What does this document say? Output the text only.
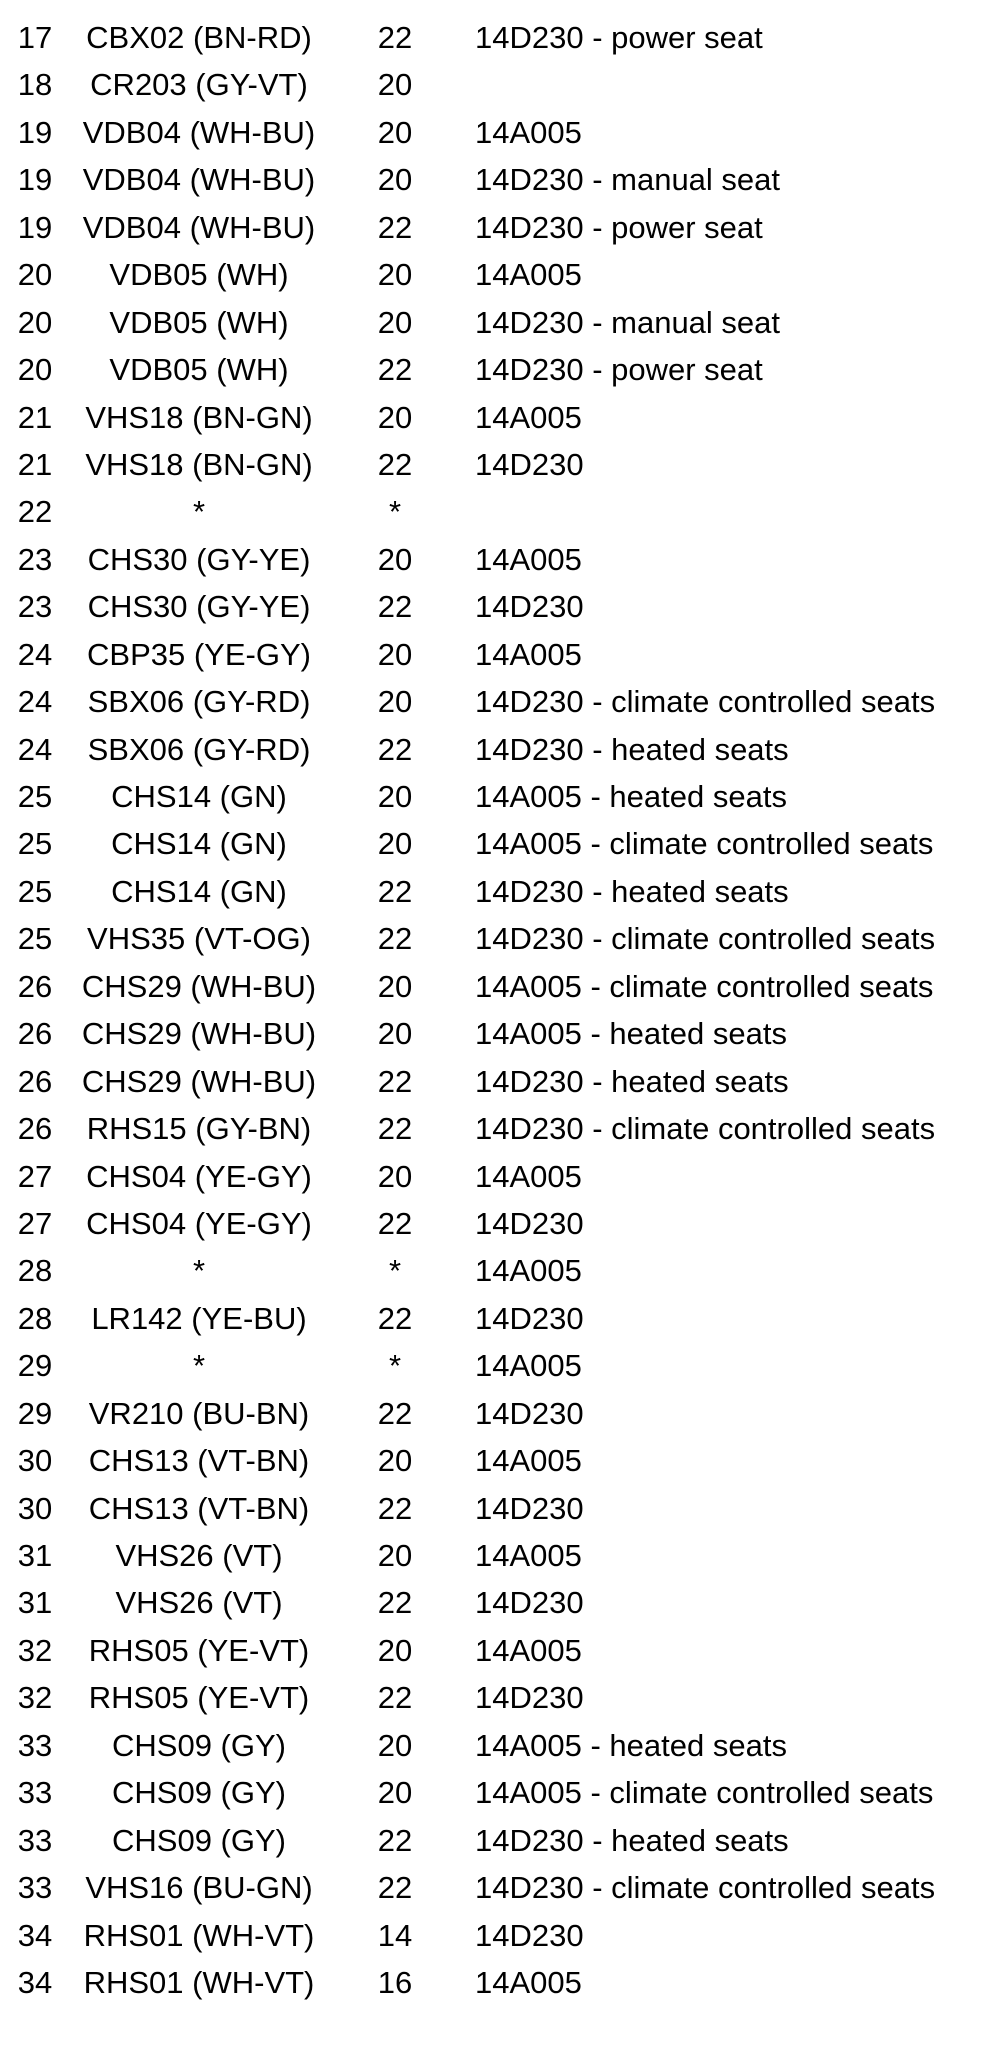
17	CBX02 (BN-RD)	22	14D230 - power seat
18	CR203 (GY-VT)	20
19 VDB04 (WH-BU)	20	14A005
19 VDB04 (WH-BU)	20	14D230 - manual seat
19 VDB04 (WH-BU)	22	14D230 - power seat
20	VDB05 (WH)	20	14A005
20	VDB05 (WH)	20	14D230 - manual seat
20	VDB05 (WH)	22	14D230 - power seat
21	VHS18 (BN-GN)	20	14A005
21	VHS18 (BN-GN)	22	14D230
22	*	*
23	CHS30 (GY-YE)	20	14A005
23	CHS30 (GY-YE)	22	14D230
24	CBP35 (YE-GY)	20	14A005
24	SBX06 (GY-RD)	20	14D230 - climate controlled seats
24	SBX06 (GY-RD)	22	14D230 - heated seats
25	CHS14 (GN)	20	14A005 - heated seats
25	CHS14 (GN)	20	14A005 - climate controlled seats
25	CHS14 (GN)	22	14D230 - heated seats
25	VHS35 (VT-OG)	22	14D230 - climate controlled seats
26 CHS29 (WH-BU)	20	14A005 - climate controlled seats
26 CHS29 (WH-BU)	20	14A005 - heated seats
26 CHS29 (WH-BU)	22	14D230 - heated seats
26	RHS15 (GY-BN)	22	14D230 - climate controlled seats
27	CHS04 (YE-GY)	20	14A005
27	CHS04 (YE-GY)	22	14D230
28	*	*	14A005
28	LR142 (YE-BU)	22	14D230
29	*	*	14A005
29	VR210 (BU-BN)	22	14D230
30	CHS13 (VT-BN)	20	14A005
30	CHS13 (VT-BN)	22	14D230
31	VHS26 (VT)	20	14A005
31	VHS26 (VT)	22	14D230
32	RHS05 (YE-VT)	20	14A005
32	RHS05 (YE-VT)	22	14D230
33	CHS09 (GY)	20	14A005 - heated seats
33	CHS09 (GY)	20	14A005 - climate controlled seats
33	CHS09 (GY)	22	14D230 - heated seats
33	VHS16 (BU-GN)	22	14D230 - climate controlled seats
34	RHS01 (WH-VT)	14	14D230
34	RHS01 (WH-VT)	16	14A005
